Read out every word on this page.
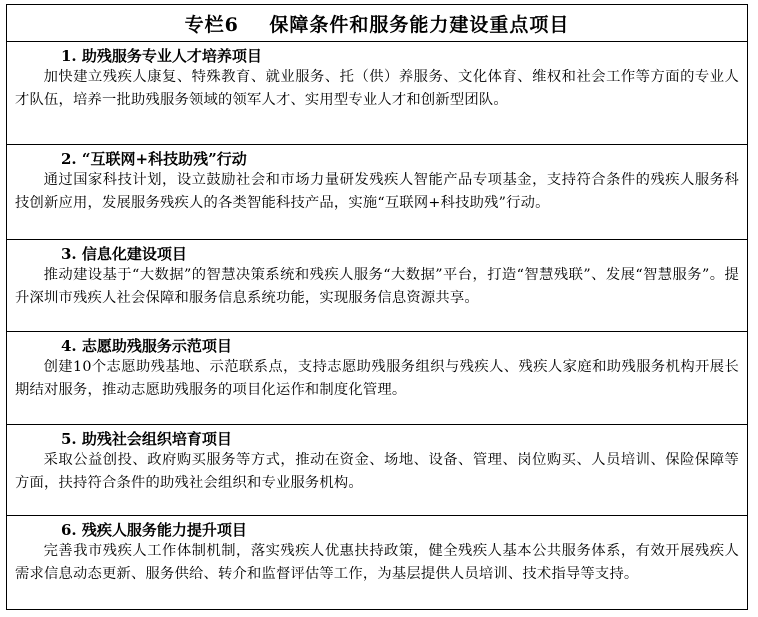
专栏6    保障条件和服务能力建设重点项目
1. 助残服务专业人才培养项目
加快建立残疾人康复、特殊教育、就业服务、托（供）养服务、文化体育、维权和社会工作等方面的专业人才队伍，培养一批助残服务领域的领军人才、实用型专业人才和创新型团队。
2. “互联网+科技助残”行动
通过国家科技计划，设立鼓励社会和市场力量研发残疾人智能产品专项基金，支持符合条件的残疾人服务科技创新应用，发展服务残疾人的各类智能科技产品，实施“互联网+科技助残”行动。
3. 信息化建设项目
推动建设基于“大数据”的智慧决策系统和残疾人服务“大数据”平台，打造“智慧残联”、发展“智慧服务”。提升深圳市残疾人社会保障和服务信息系统功能，实现服务信息资源共享。
4. 志愿助残服务示范项目
创建10个志愿助残基地、示范联系点，支持志愿助残服务组织与残疾人、残疾人家庭和助残服务机构开展长期结对服务，推动志愿助残服务的项目化运作和制度化管理。
5. 助残社会组织培育项目
采取公益创投、政府购买服务等方式，推动在资金、场地、设备、管理、岗位购买、人员培训、保险保障等方面，扶持符合条件的助残社会组织和专业服务机构。
6. 残疾人服务能力提升项目
完善我市残疾人工作体制机制，落实残疾人优惠扶持政策，健全残疾人基本公共服务体系，有效开展残疾人需求信息动态更新、服务供给、转介和监督评估等工作，为基层提供人员培训、技术指导等支持。
